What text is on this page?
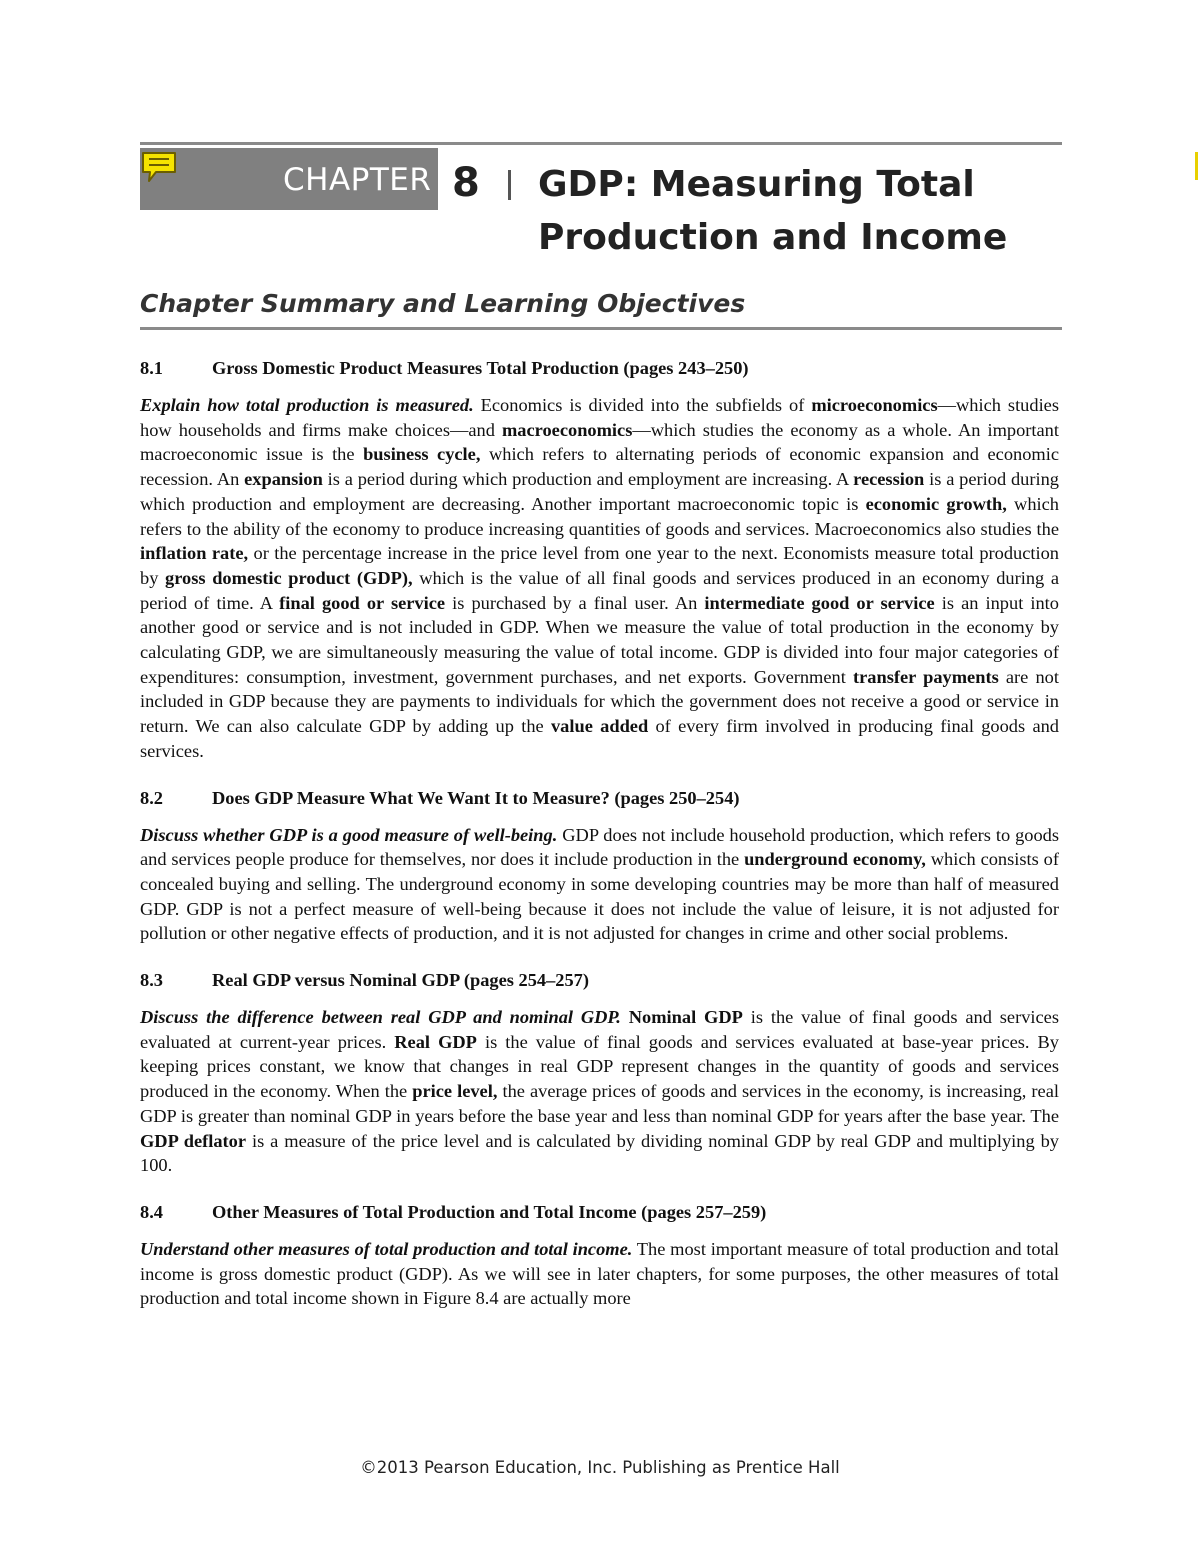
CHAPTER 8 GDP: Measuring Total
Production and Income
Chapter Summary and Learning Objectives
8.1	Gross Domestic Product Measures Total Production (pages 243–250)

Explain how total production is measured. Economics is divided into the subfields of microeconomics—which studies how households and firms make choices—and macroeconomics—which studies the economy as a whole. An important macroeconomic issue is the business cycle, which refers to alternating periods of economic expansion and economic recession. An expansion is a period during which production and employment are increasing. A recession is a period during which production and employment are decreasing. Another important macroeconomic topic is economic growth, which refers to the ability of the economy to produce increasing quantities of goods and services. Macroeconomics also studies the inflation rate, or the percentage increase in the price level from one year to the next. Economists measure total production by gross domestic product (GDP), which is the value of all final goods and services produced in an economy during a period of time. A final good or service is purchased by a final user. An intermediate good or service is an input into another good or service and is not included in GDP. When we measure the value of total production in the economy by calculating GDP, we are simultaneously measuring the value of total income. GDP is divided into four major categories of expenditures: consumption, investment, government purchases, and net exports. Government transfer payments are not included in GDP because they are payments to individuals for which the government does not receive a good or service in return. We can also calculate GDP by adding up the value added of every firm involved in producing final goods and services.

8.2	Does GDP Measure What We Want It to Measure? (pages 250–254)

Discuss whether GDP is a good measure of well-being. GDP does not include household production, which refers to goods and services people produce for themselves, nor does it include production in the underground economy, which consists of concealed buying and selling. The underground economy in some developing countries may be more than half of measured GDP. GDP is not a perfect measure of well-being because it does not include the value of leisure, it is not adjusted for pollution or other negative effects of production, and it is not adjusted for changes in crime and other social problems.

8.3	Real GDP versus Nominal GDP (pages 254–257)

Discuss the difference between real GDP and nominal GDP. Nominal GDP is the value of final goods and services evaluated at current-year prices. Real GDP is the value of final goods and services evaluated at base-year prices. By keeping prices constant, we know that changes in real GDP represent changes in the quantity of goods and services produced in the economy. When the price level, the average prices of goods and services in the economy, is increasing, real GDP is greater than nominal GDP in years before the base year and less than nominal GDP for years after the base year. The GDP deflator is a measure of the price level and is calculated by dividing nominal GDP by real GDP and multiplying by 100.

8.4	Other Measures of Total Production and Total Income (pages 257–259)

Understand other measures of total production and total income. The most important measure of total production and total income is gross domestic product (GDP). As we will see in later chapters, for some purposes, the other measures of total production and total income shown in Figure 8.4 are actually more

©2013 Pearson Education, Inc. Publishing as Prentice Hall
